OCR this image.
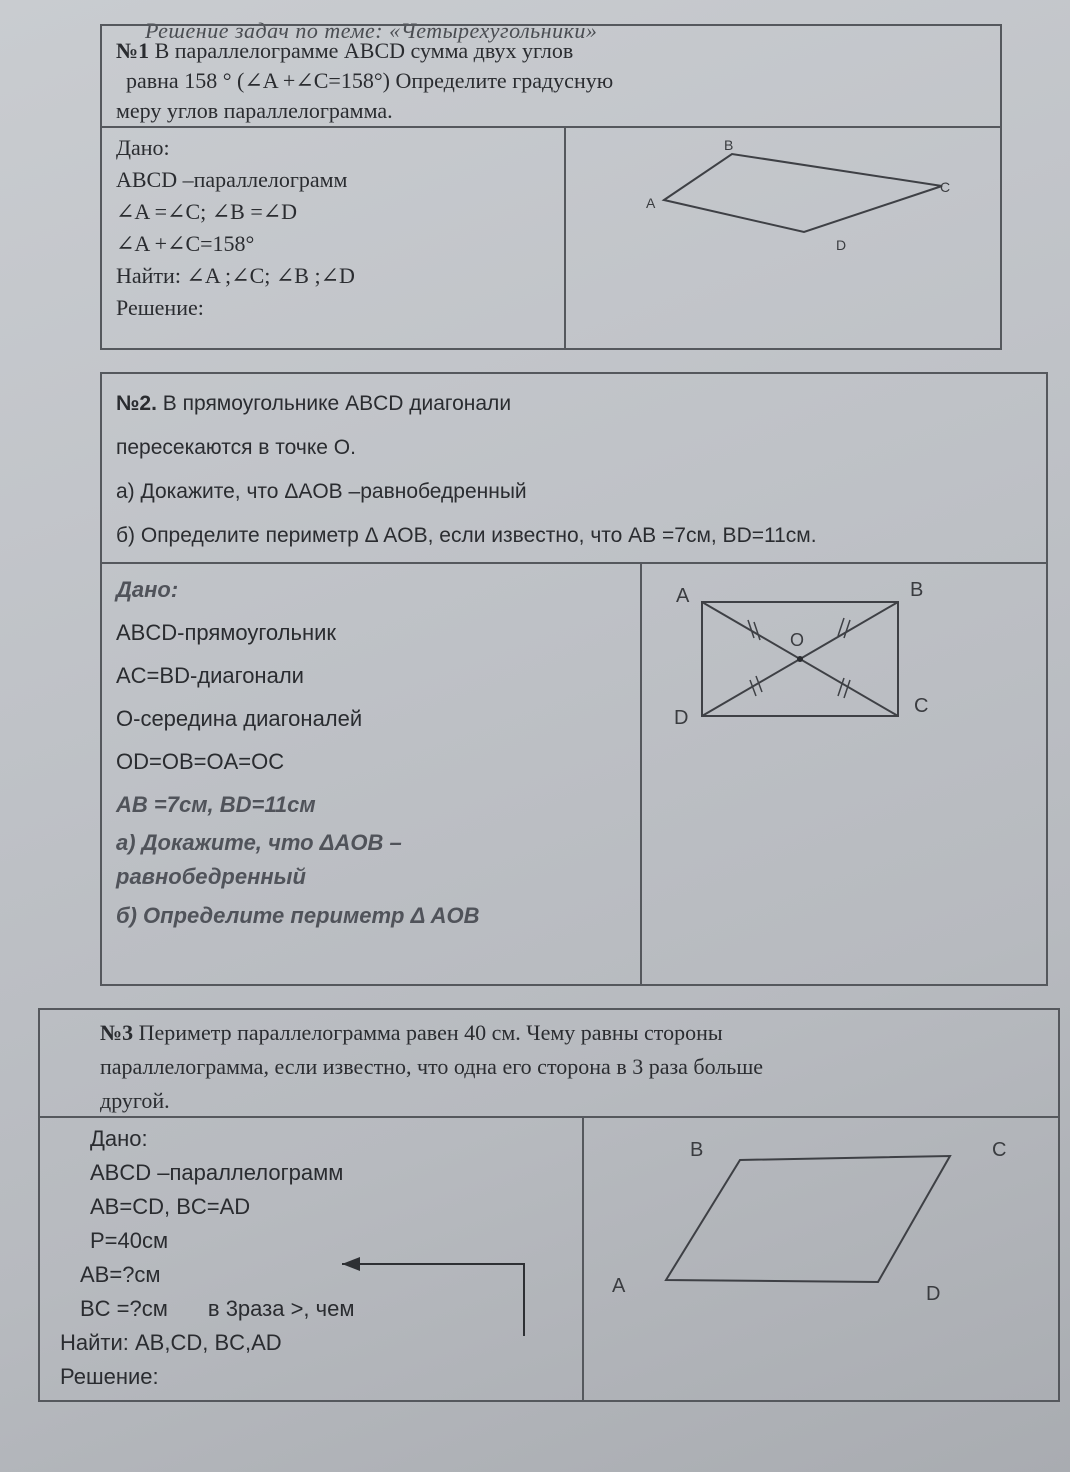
Решение задач по теме: «Четырехугольники»
№1 В параллелограмме ABCD сумма двух углов
равна 158 ° (∠A +∠C=158°) Определите градусную
меру углов параллелограмма.
Дано:
ABCD –параллелограмм
∠A =∠C; ∠B =∠D
∠A +∠C=158°
Найти: ∠A ;∠C; ∠B ;∠D
Решение:
A
B
C
D
№2. В прямоугольнике ABCD диагонали
пересекаются в точке O.
а) Докажите, что ΔAOB –равнобедренный
б) Определите периметр Δ AOB, если известно, что AB =7см, BD=11см.
Дано:
ABCD-прямоугольник
AC=BD-диагонали
O-середина диагоналей
OD=OB=OA=OC
AB =7см, BD=11см
а) Докажите, что ΔAOB –
равнобедренный
б) Определите периметр Δ AOB
A	B
C
D
O
№3 Периметр параллелограмма равен 40 см. Чему равны стороны
параллелограмма, если известно, что одна его сторона в 3 раза больше
другой.
Дано:
ABCD –параллелограмм
AB=CD, BC=AD
P=40см
AB=?см
BC =?см в 3раза >, чем
Найти: AB,CD, BC,AD
Решение:
B	C
A	D
